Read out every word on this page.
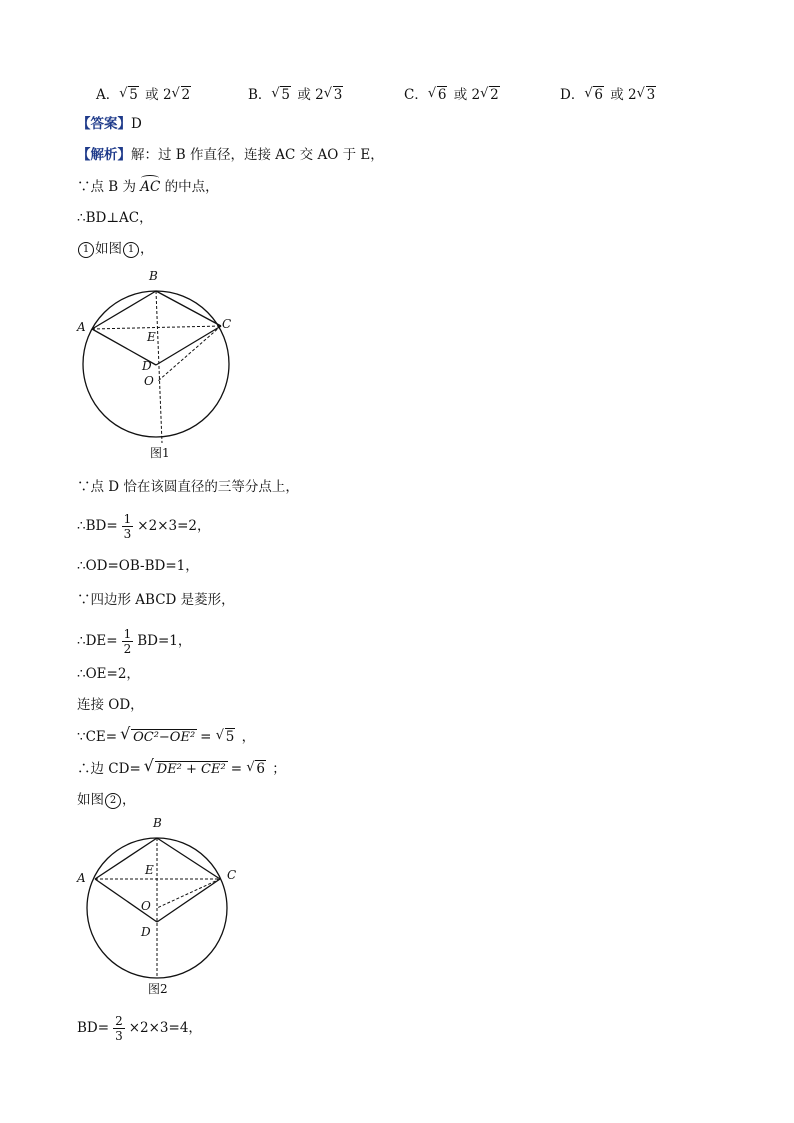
A． √ 5 或 2 √ 2	B． √ 5 或 2 √ 3	C． √ 6 或 2 √ 2	D． √ 6 或 2 √ 3
【答案】D
【解析】解：过 B 作直径，连接 AC 交 AO 于 E，
∵点 B 为 AC 的中点，
∴BD⊥AC，
1 如图 1 ，
B
A	C
E
D
O
图1
∵点 D 恰在该圆直径的三等分点上，
∴BD= $\frac{1}{3} \times 2\times 3=2$，
∴OD=OB-BD=1，
∵四边形 ABCD 是菱形，
∴DE= $\frac{1}{2} BD=1$，
∴OE=2，
连接 OD，
∵CE= √ OC²−OE² = √ 5 ，
∴边 CD= √ DE² + CE² = √ 6 ；
如图 2 ，
B
A	C
E
O
D
图2
$BD= \frac{2}{3} \times 2\times 3=4$，
